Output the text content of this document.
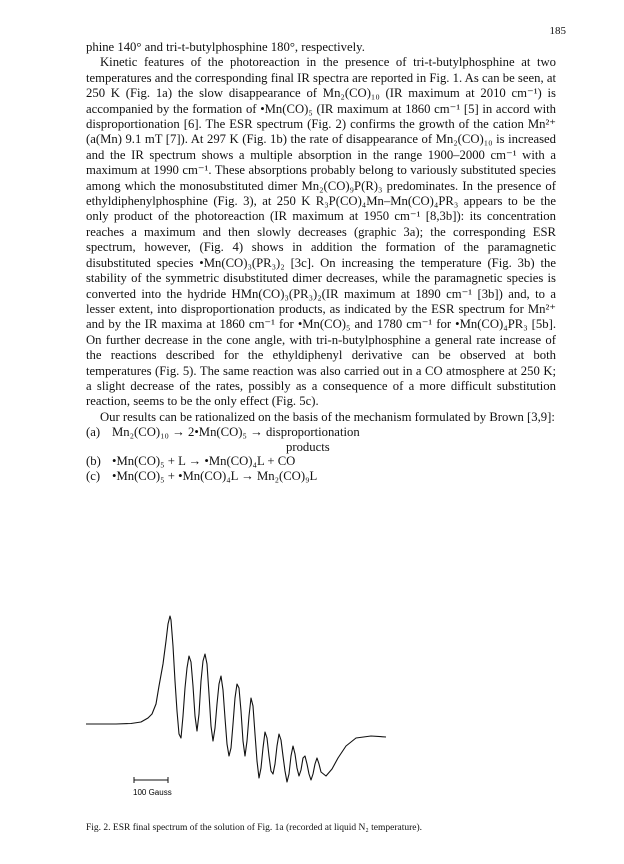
185

phine 140° and tri-t-butylphosphine 180°, respectively.

Kinetic features of the photoreaction in the presence of tri-t-butylphosphine at two temperatures and the corresponding final IR spectra are reported in Fig. 1. As can be seen, at 250 K (Fig. 1a) the slow disappearance of Mn₂(CO)₁₀ (IR maximum at 2010 cm⁻¹) is accompanied by the formation of •Mn(CO)₅ (IR maximum at 1860 cm⁻¹ [5] in accord with disproportionation [6]. The ESR spectrum (Fig. 2) confirms the growth of the cation Mn²⁺ (a(Mn) 9.1 mT [7]). At 297 K (Fig. 1b) the rate of disappearance of Mn₂(CO)₁₀ is increased and the IR spectrum shows a multiple absorption in the range 1900–2000 cm⁻¹ with a maximum at 1990 cm⁻¹. These absorptions probably belong to variously substituted species among which the monosubstituted dimer Mn₂(CO)₉P(R)₃ predominates. In the presence of ethyldiphenylphosphine (Fig. 3), at 250 K R₃P(CO)₄Mn–Mn(CO)₄PR₃ appears to be the only product of the photoreaction (IR maximum at 1950 cm⁻¹ [8,3b]): its concentration reaches a maximum and then slowly decreases (graphic 3a); the corresponding ESR spectrum, however, (Fig. 4) shows in addition the formation of the paramagnetic disubstituted species •Mn(CO)₃(PR₃)₂ [3c]. On increasing the temperature (Fig. 3b) the stability of the symmetric disubstituted dimer decreases, while the paramagnetic species is converted into the hydride HMn(CO)₃(PR₃)₂(IR maximum at 1890 cm⁻¹ [3b]) and, to a lesser extent, into disproportionation products, as indicated by the ESR spectrum for Mn²⁺ and by the IR maxima at 1860 cm⁻¹ for •Mn(CO)₅ and 1780 cm⁻¹ for •Mn(CO)₄PR₃ [5b]. On further decrease in the cone angle, with tri-n-butylphosphine a general rate increase of the reactions described for the ethyldiphenyl derivative can be observed at both temperatures (Fig. 5). The same reaction was also carried out in a CO atmosphere at 250 K; a slight decrease of the rates, possibly as a consequence of a more difficult substitution reaction, seems to be the only effect (Fig. 5c).

Our results can be rationalized on the basis of the mechanism formulated by Brown [3,9]:

(a) Mn₂(CO)₁₀ → 2•Mn(CO)₅ → disproportionation
products
(b) •Mn(CO)₅ + L → •Mn(CO)₄L + CO
(c) •Mn(CO)₅ + •Mn(CO)₄L → Mn₂(CO)₉L
100 Gauss
Fig. 2. ESR final spectrum of the solution of Fig. 1a (recorded at liquid N₂ temperature).
